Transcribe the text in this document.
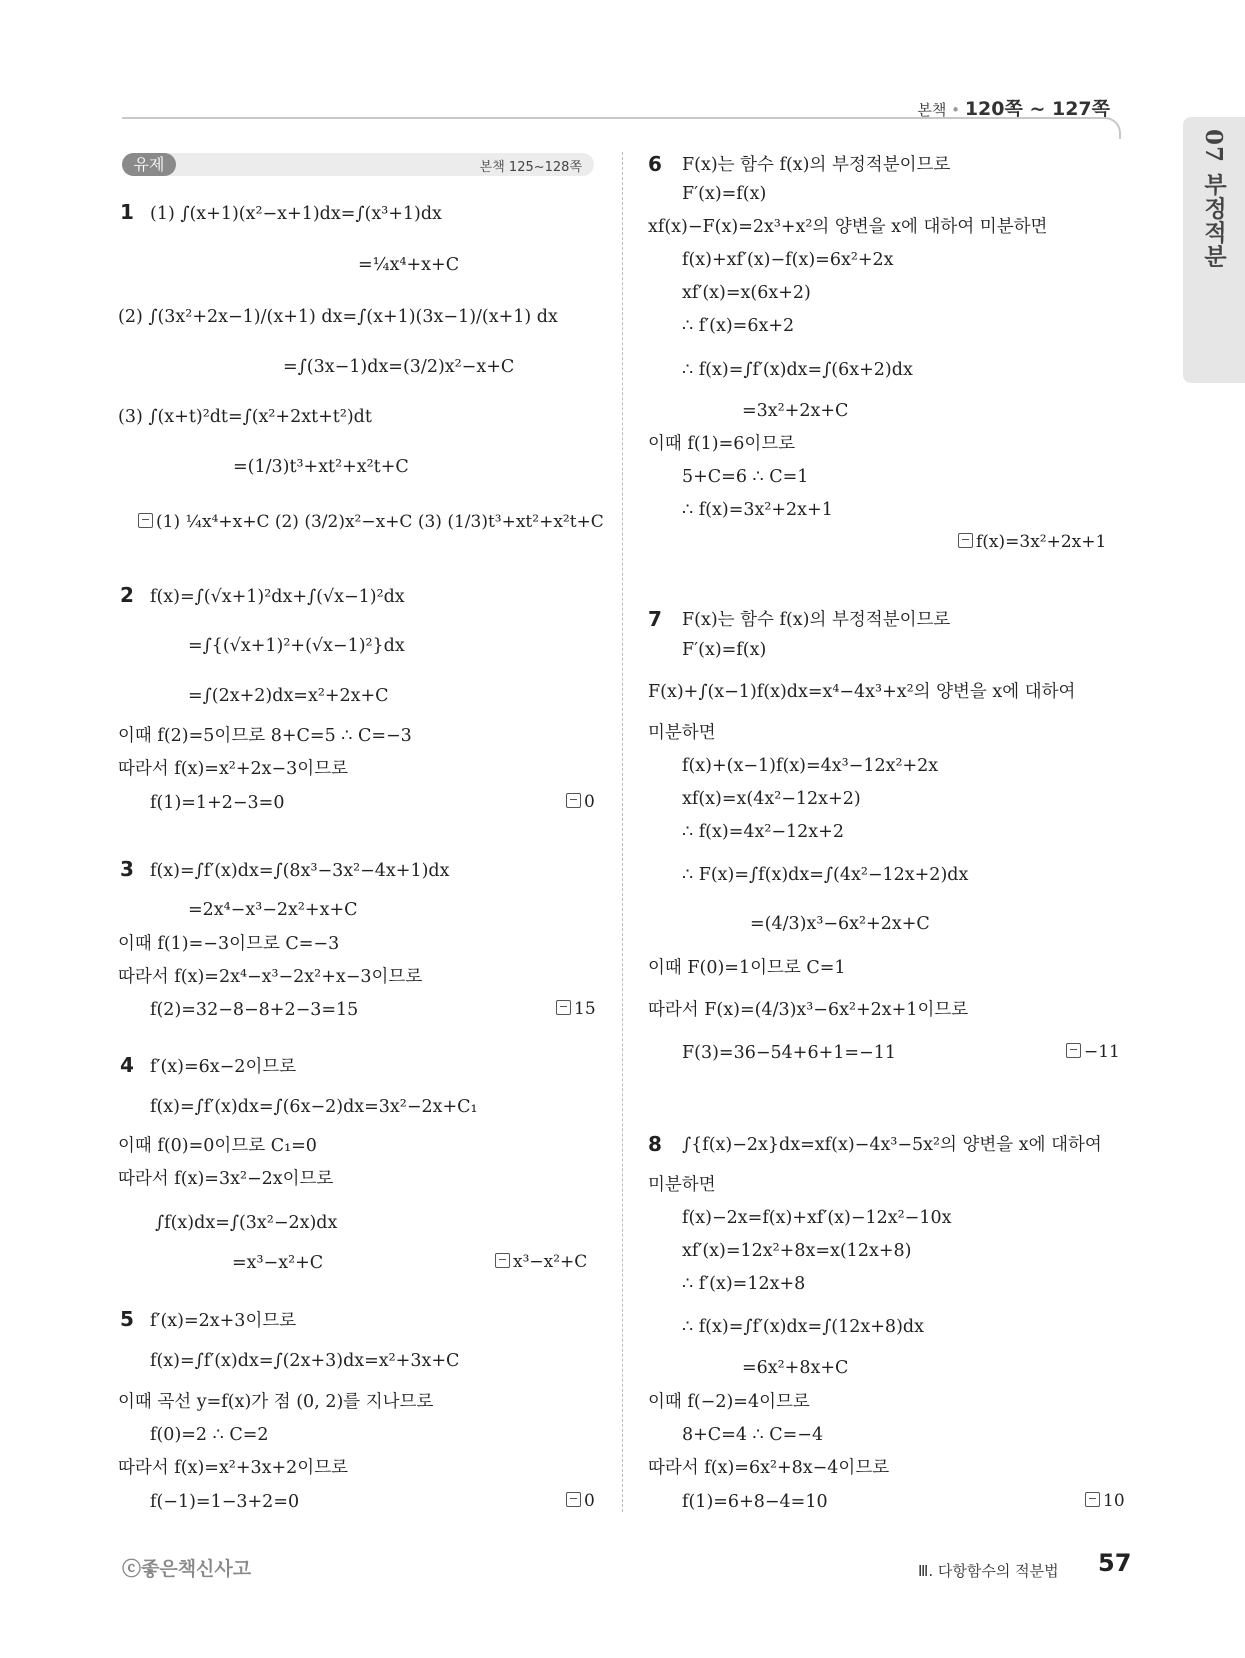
본책 • 120쪽 ~ 127쪽
07 부정적분
유제	본책 125~128쪽
1 (1) ∫(x+1)(x²−x+1)dx=∫(x³+1)dx
=¼x⁴+x+C
(2) ∫(3x²+2x−1)/(x+1) dx=∫(x+1)(3x−1)/(x+1) dx
=∫(3x−1)dx=(3/2)x²−x+C
(3) ∫(x+t)²dt=∫(x²+2xt+t²)dt
=(1/3)t³+xt²+x²t+C
(1) ¼x⁴+x+C (2) (3/2)x²−x+C (3) (1/3)t³+xt²+x²t+C
2 f(x)=∫(√x+1)²dx+∫(√x−1)²dx
=∫{(√x+1)²+(√x−1)²}dx
=∫(2x+2)dx=x²+2x+C
이때 f(2)=5이므로 8+C=5 ∴ C=−3
따라서 f(x)=x²+2x−3이므로
f(1)=1+2−3=0	0
3 f(x)=∫f′(x)dx=∫(8x³−3x²−4x+1)dx
=2x⁴−x³−2x²+x+C
이때 f(1)=−3이므로 C=−3
따라서 f(x)=2x⁴−x³−2x²+x−3이므로
f(2)=32−8−8+2−3=15	15
4 f′(x)=6x−2이므로
f(x)=∫f′(x)dx=∫(6x−2)dx=3x²−2x+C₁
이때 f(0)=0이므로 C₁=0
따라서 f(x)=3x²−2x이므로
∫f(x)dx=∫(3x²−2x)dx
=x³−x²+C	x³−x²+C
5 f′(x)=2x+3이므로
f(x)=∫f′(x)dx=∫(2x+3)dx=x²+3x+C
이때 곡선 y=f(x)가 점 (0, 2)를 지나므로
f(0)=2 ∴ C=2
따라서 f(x)=x²+3x+2이므로
f(−1)=1−3+2=0	0
6 F(x)는 함수 f(x)의 부정적분이므로
F′(x)=f(x)
xf(x)−F(x)=2x³+x²의 양변을 x에 대하여 미분하면
f(x)+xf′(x)−f(x)=6x²+2x
xf′(x)=x(6x+2)
∴ f′(x)=6x+2
∴ f(x)=∫f′(x)dx=∫(6x+2)dx
=3x²+2x+C
이때 f(1)=6이므로
5+C=6 ∴ C=1
∴ f(x)=3x²+2x+1
f(x)=3x²+2x+1
7 F(x)는 함수 f(x)의 부정적분이므로
F′(x)=f(x)
F(x)+∫(x−1)f(x)dx=x⁴−4x³+x²의 양변을 x에 대하여
미분하면
f(x)+(x−1)f(x)=4x³−12x²+2x
xf(x)=x(4x²−12x+2)
∴ f(x)=4x²−12x+2
∴ F(x)=∫f(x)dx=∫(4x²−12x+2)dx
=(4/3)x³−6x²+2x+C
이때 F(0)=1이므로 C=1
따라서 F(x)=(4/3)x³−6x²+2x+1이므로
F(3)=36−54+6+1=−11	−11
8 ∫{f(x)−2x}dx=xf(x)−4x³−5x²의 양변을 x에 대하여
미분하면
f(x)−2x=f(x)+xf′(x)−12x²−10x
xf′(x)=12x²+8x=x(12x+8)
∴ f′(x)=12x+8
∴ f(x)=∫f′(x)dx=∫(12x+8)dx
=6x²+8x+C
이때 f(−2)=4이므로
8+C=4 ∴ C=−4
따라서 f(x)=6x²+8x−4이므로
f(1)=6+8−4=10	10
ⓒ좋은책신사고	Ⅲ. 다항함수의 적분법 57
